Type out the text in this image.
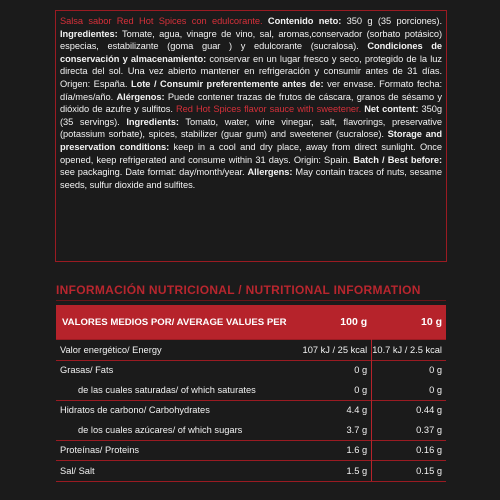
Salsa sabor Red Hot Spices con edulcorante. Contenido neto: 350 g (35 porciones). Ingredientes: Tomate, agua, vinagre de vino, sal, aromas,conservador (sorbato potásico) especias, estabilizante (goma guar ) y edulcorante (sucralosa). Condiciones de conservación y almacenamiento: conservar en un lugar fresco y seco, protegido de la luz directa del sol. Una vez abierto mantener en refrigeración y consumir antes de 31 días. Origen: España. Lote / Consumir preferentemente antes de: ver envase. Formato fecha: día/mes/año. Alérgenos: Puede contener trazas de frutos de cáscara, granos de sésamo y dióxido de azufre y sulfitos. Red Hot Spices flavor sauce with sweetener. Net content: 350g (35 servings). Ingredients: Tomato, water, wine vinegar, salt, flavorings, preservative (potassium sorbate), spices, stabilizer (guar gum) and sweetener (sucralose). Storage and preservation conditions: keep in a cool and dry place, away from direct sunlight. Once opened, keep refrigerated and consume within 31 days. Origin: Spain. Batch / Best before: see packaging. Date format: day/month/year. Allergens: May contain traces of nuts, sesame seeds, sulfur dioxide and sulfites.

INFORMACIÓN NUTRICIONAL / NUTRITIONAL INFORMATION
VALORES MEDIOS POR/ AVERAGE VALUES PER	100 g	10 g
Valor energético/ Energy	107 kJ / 25 kcal	10.7 kJ / 2.5 kcal
Grasas/ Fats	0 g	0 g
de las cuales saturadas/ of which saturates	0 g	0 g
Hidratos de carbono/ Carbohydrates	4.4 g	0.44 g
de los cuales azúcares/ of which sugars	3.7 g	0.37 g
Proteínas/ Proteins	1.6 g	0.16 g
Sal/ Salt	1.5 g	0.15 g
